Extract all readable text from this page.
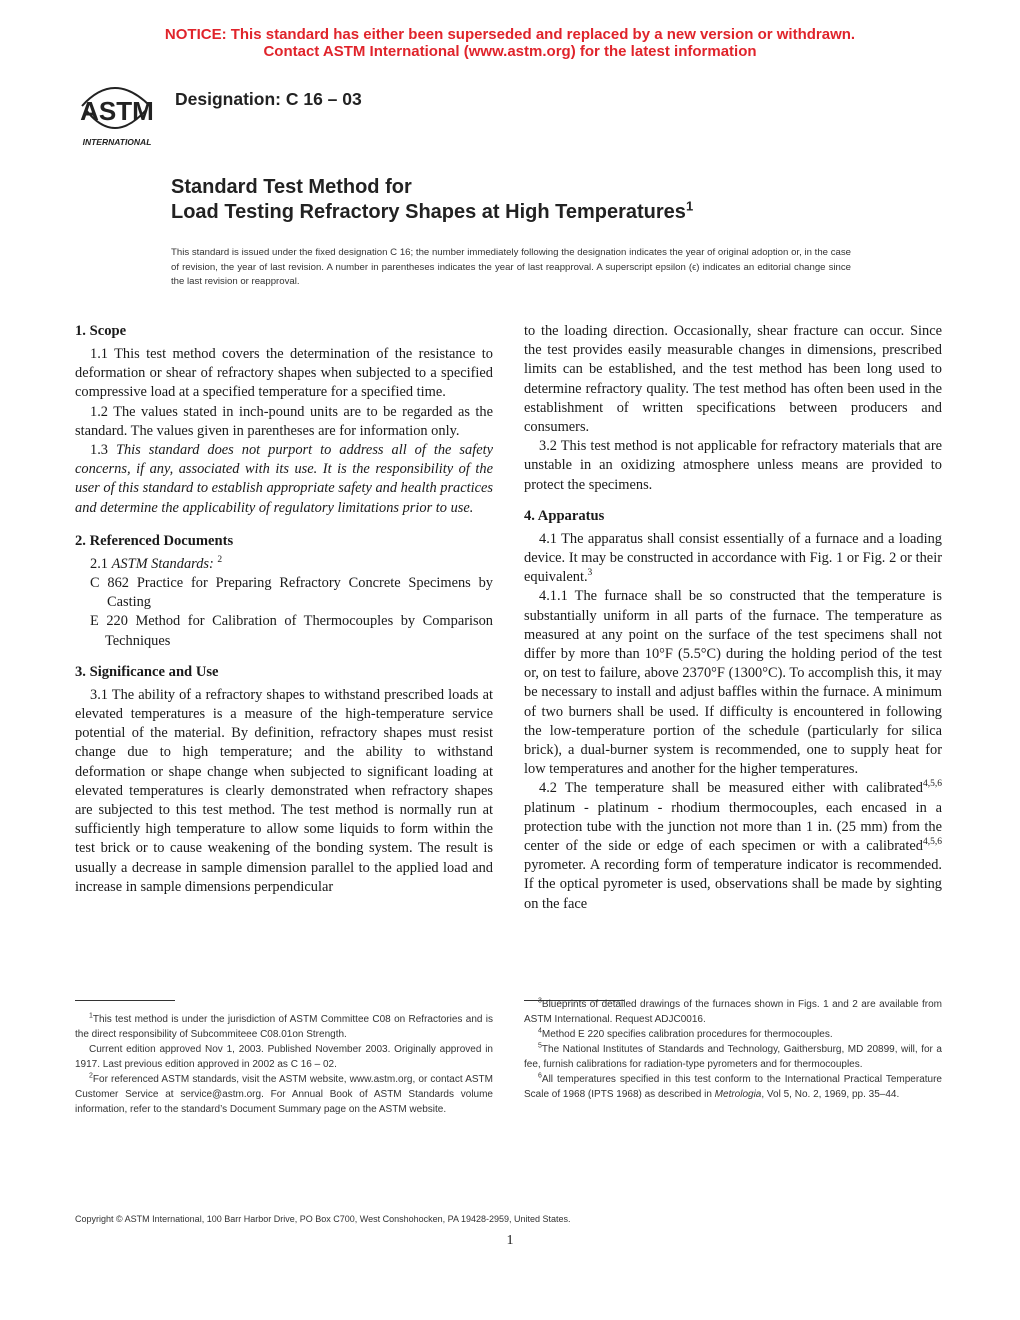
NOTICE: This standard has either been superseded and replaced by a new version or withdrawn.
Contact ASTM International (www.astm.org) for the latest information
ASTM
INTERNATIONAL
Designation: C 16 – 03
Standard Test Method for
Load Testing Refractory Shapes at High Temperatures$^1$
This standard is issued under the fixed designation C 16; the number immediately following the designation indicates the year of original adoption or, in the case of revision, the year of last revision. A number in parentheses indicates the year of last reapproval. A superscript epsilon (ϵ) indicates an editorial change since the last revision or reapproval.
1. Scope

1.1 This test method covers the determination of the resistance to deformation or shear of refractory shapes when subjected to a specified compressive load at a specified temperature for a specified time.

1.2 The values stated in inch-pound units are to be regarded as the standard. The values given in parentheses are for information only.

1.3 This standard does not purport to address all of the safety concerns, if any, associated with its use. It is the responsibility of the user of this standard to establish appropriate safety and health practices and determine the applicability of regulatory limitations prior to use.

2. Referenced Documents

2.1 ASTM Standards: $^2$

C 862 Practice for Preparing Refractory Concrete Specimens by Casting

E 220 Method for Calibration of Thermocouples by Comparison Techniques

3. Significance and Use

3.1 The ability of a refractory shapes to withstand prescribed loads at elevated temperatures is a measure of the high-temperature service potential of the material. By definition, refractory shapes must resist change due to high temperature; and the ability to withstand deformation or shape change when subjected to significant loading at elevated temperatures is clearly demonstrated when refractory shapes are subjected to this test method. The test method is normally run at sufficiently high temperature to allow some liquids to form within the test brick or to cause weakening of the bonding system. The result is usually a decrease in sample dimension parallel to the applied load and increase in sample dimensions perpendicular

to the loading direction. Occasionally, shear fracture can occur. Since the test provides easily measurable changes in dimensions, prescribed limits can be established, and the test method has been long used to determine refractory quality. The test method has often been used in the establishment of written specifications between producers and consumers.

3.2 This test method is not applicable for refractory materials that are unstable in an oxidizing atmosphere unless means are provided to protect the specimens.

4. Apparatus

4.1 The apparatus shall consist essentially of a furnace and a loading device. It may be constructed in accordance with Fig. 1 or Fig. 2 or their equivalent.$^3$

4.1.1 The furnace shall be so constructed that the temperature is substantially uniform in all parts of the furnace. The temperature as measured at any point on the surface of the test specimens shall not differ by more than 10°F (5.5°C) during the holding period of the test or, on test to failure, above 2370°F (1300°C). To accomplish this, it may be necessary to install and adjust baffles within the furnace. A minimum of two burners shall be used. If difficulty is encountered in following the low-temperature portion of the schedule (particularly for silica brick), a dual-burner system is recommended, one to supply heat for low temperatures and another for the higher temperatures.

4.2 The temperature shall be measured either with calibrated$^{4,5,6}$ platinum - platinum - rhodium thermocouples, each encased in a protection tube with the junction not more than 1 in. (25 mm) from the center of the side or edge of each specimen or with a calibrated$^{4,5,6}$ pyrometer. A recording form of temperature indicator is recommended. If the optical pyrometer is used, observations shall be made by sighting on the face

$^1$This test method is under the jurisdiction of ASTM Committee C08 on Refractories and is the direct responsibility of Subcommiteee C08.01on Strength.

Current edition approved Nov 1, 2003. Published November 2003. Originally approved in 1917. Last previous edition approved in 2002 as C 16 – 02.

$^2$For referenced ASTM standards, visit the ASTM website, www.astm.org, or contact ASTM Customer Service at service@astm.org. For Annual Book of ASTM Standards volume information, refer to the standard’s Document Summary page on the ASTM website.

$^3$Blueprints of detailed drawings of the furnaces shown in Figs. 1 and 2 are available from ASTM International. Request ADJC0016.

$^4$Method E 220 specifies calibration procedures for thermocouples.

$^5$The National Institutes of Standards and Technology, Gaithersburg, MD 20899, will, for a fee, furnish calibrations for radiation-type pyrometers and for thermocouples.

$^6$All temperatures specified in this test conform to the International Practical Temperature Scale of 1968 (IPTS 1968) as described in Metrologia, Vol 5, No. 2, 1969, pp. 35–44.

Copyright © ASTM International, 100 Barr Harbor Drive, PO Box C700, West Conshohocken, PA 19428-2959, United States.
1
